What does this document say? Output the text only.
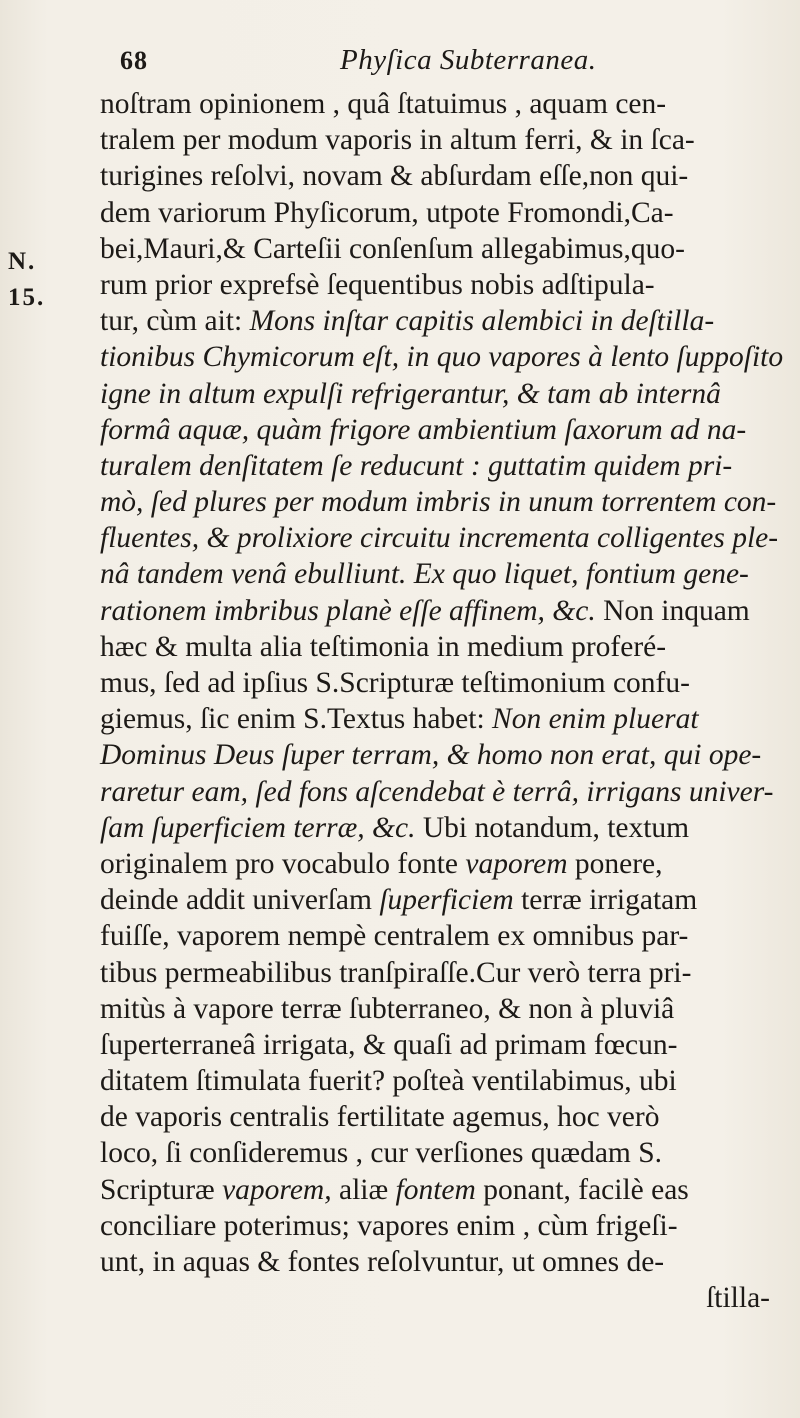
68	Phyſica Subterranea.
N.
15.
noſtram opinionem , quâ ſtatuimus , aquam cen-
tralem per modum vaporis in altum ferri, & in ſca-
turigines reſolvi, novam & abſurdam eſſe,non qui-
dem variorum Phyſicorum, utpote Fromondi,Ca-
bei,Mauri,& Carteſii conſenſum allegabimus,quo-
rum prior exprefsè ſequentibus nobis adſtipula-
tur, cùm ait: Mons inſtar capitis alembici in deſtilla-
tionibus Chymicorum eſt, in quo vapores à lento ſuppoſito
igne in altum expulſi refrigerantur, & tam ab internâ
formâ aquæ, quàm frigore ambientium ſaxorum ad na-
turalem denſitatem ſe reducunt : guttatim quidem pri-
mò, ſed plures per modum imbris in unum torrentem con-
fluentes, & prolixiore circuitu incrementa colligentes ple-
nâ tandem venâ ebulliunt. Ex quo liquet, fontium gene-
rationem imbribus planè eſſe affinem, &c. Non inquam
hæc & multa alia teſtimonia in medium proferé-
mus, ſed ad ipſius S.Scripturæ teſtimonium confu-
giemus, ſic enim S.Textus habet: Non enim pluerat
Dominus Deus ſuper terram, & homo non erat, qui ope-
raretur eam, ſed fons aſcendebat è terrâ, irrigans univer-
ſam ſuperficiem terræ, &c. Ubi notandum, textum
originalem pro vocabulo fonte vaporem ponere,
deinde addit univerſam ſuperficiem terræ irrigatam
fuiſſe, vaporem nempè centralem ex omnibus par-
tibus permeabilibus tranſpiraſſe.Cur verò terra pri-
mitùs à vapore terræ ſubterraneo, & non à pluviâ
ſuperterraneâ irrigata, & quaſi ad primam fœcun-
ditatem ſtimulata fuerit? poſteà ventilabimus, ubi
de vaporis centralis fertilitate agemus, hoc verò
loco, ſi conſideremus , cur verſiones quædam S.
Scripturæ vaporem, aliæ fontem ponant, facilè eas
conciliare poterimus; vapores enim , cùm frigeſi-
unt, in aquas & fontes reſolvuntur, ut omnes de-
ſtilla-
